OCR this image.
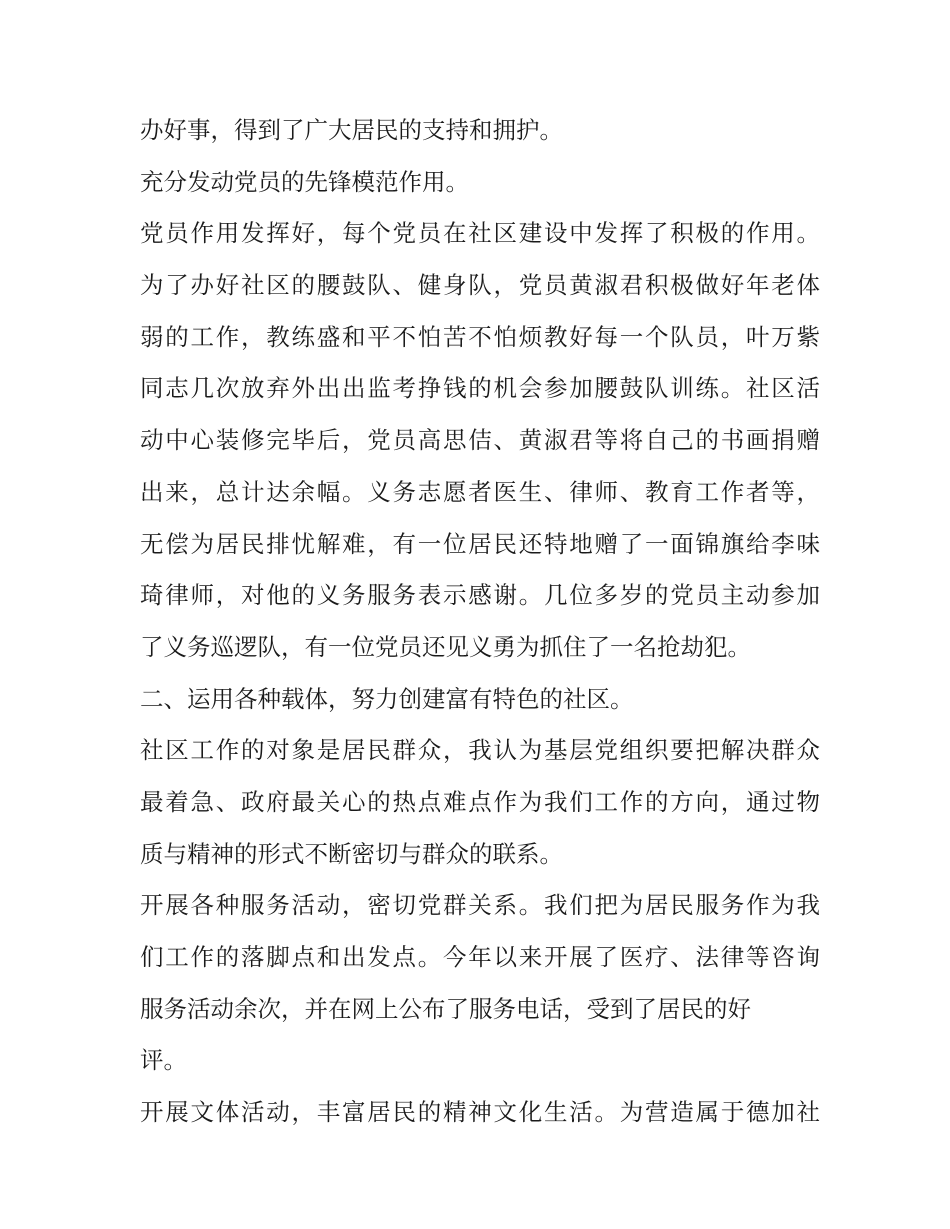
办好事，得到了广大居民的支持和拥护。
充分发动党员的先锋模范作用。
党员作用发挥好，每个党员在社区建设中发挥了积极的作用。
为了办好社区的腰鼓队、健身队，党员黄淑君积极做好年老体
弱的工作，教练盛和平不怕苦不怕烦教好每一个队员，叶万紫
同志几次放弃外出出监考挣钱的机会参加腰鼓队训练。社区活
动中心装修完毕后，党员高思佶、黄淑君等将自己的书画捐赠
出来，总计达余幅。义务志愿者医生、律师、教育工作者等，
无偿为居民排忧解难，有一位居民还特地赠了一面锦旗给李味
琦律师，对他的义务服务表示感谢。几位多岁的党员主动参加
了义务巡逻队，有一位党员还见义勇为抓住了一名抢劫犯。
二、运用各种载体，努力创建富有特色的社区。
社区工作的对象是居民群众，我认为基层党组织要把解决群众
最着急、政府最关心的热点难点作为我们工作的方向，通过物
质与精神的形式不断密切与群众的联系。
开展各种服务活动，密切党群关系。我们把为居民服务作为我
们工作的落脚点和出发点。今年以来开展了医疗、法律等咨询
服务活动余次，并在网上公布了服务电话，受到了居民的好
评。
开展文体活动，丰富居民的精神文化生活。为营造属于德加社
